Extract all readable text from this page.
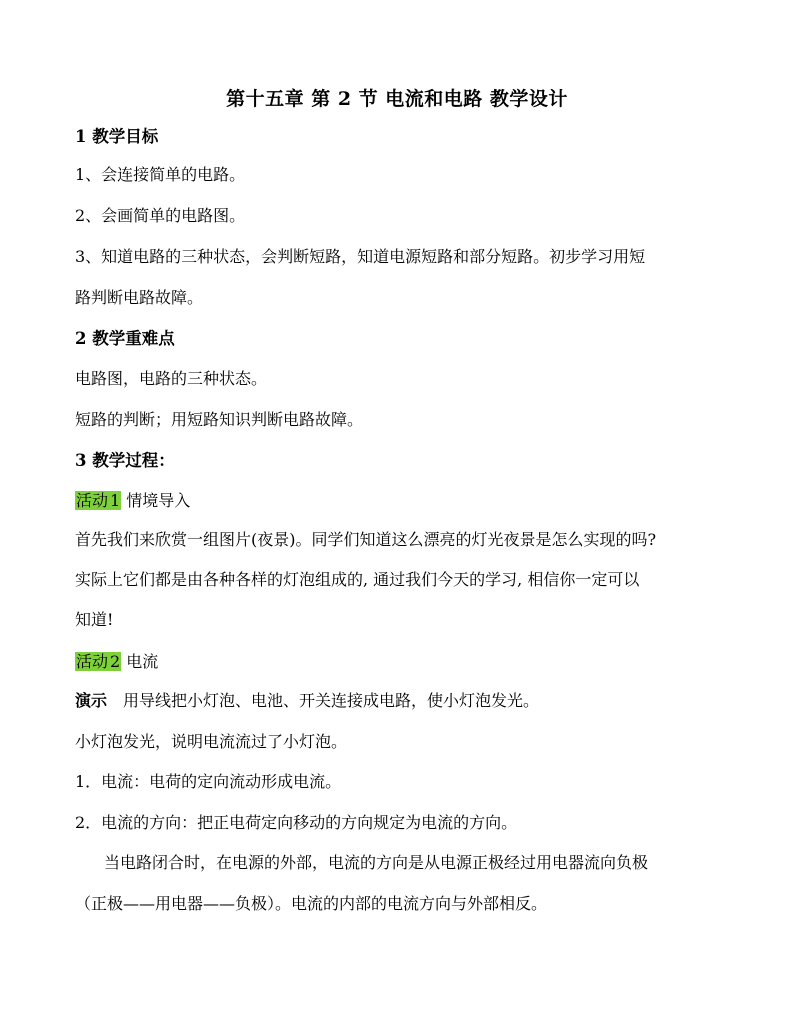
第十五章 第 2 节 电流和电路 教学设计
1 教学目标
1、会连接简单的电路。
2、会画简单的电路图。
3、知道电路的三种状态，会判断短路，知道电源短路和部分短路。初步学习用短
路判断电路故障。
2 教学重难点
电路图，电路的三种状态。
短路的判断；用短路知识判断电路故障。
3 教学过程：
活动 1 情境导入
首先我们来欣赏一组图片(夜景)。同学们知道这么漂亮的灯光夜景是怎么实现的吗?
实际上它们都是由各种各样的灯泡组成的, 通过我们今天的学习, 相信你一定可以
知道!
活动 2 电流
演示 用导线把小灯泡、电池、开关连接成电路，使小灯泡发光。
小灯泡发光，说明电流流过了小灯泡。
1．电流：电荷的定向流动形成电流。
2．电流的方向：把正电荷定向移动的方向规定为电流的方向。
当电路闭合时，在电源的外部，电流的方向是从电源正极经过用电器流向负极
（正极——用电器——负极）。电流的内部的电流方向与外部相反。
